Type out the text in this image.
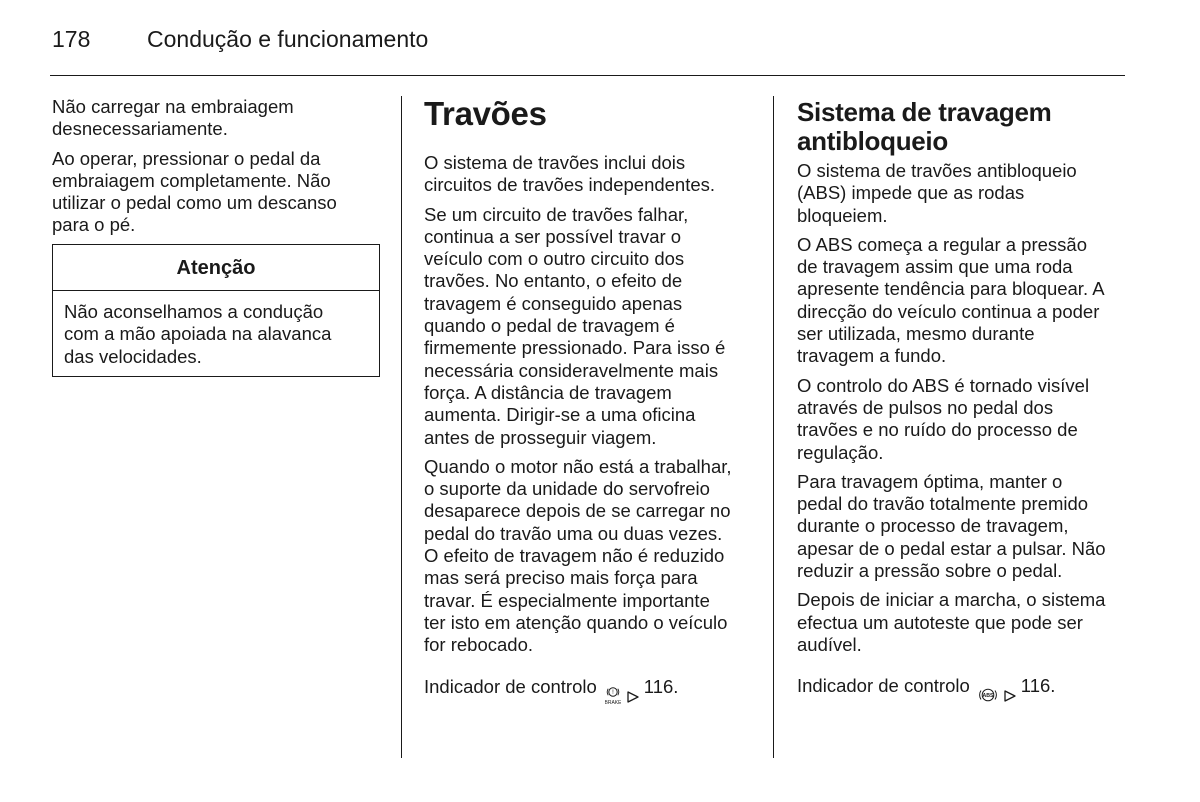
178	Condução e funcionamento

Não carregar na embraiagem
desnecessariamente.

Ao operar, pressionar o pedal da
embraiagem completamente. Não
utilizar o pedal como um descanso
para o pé.

Atenção
Não aconselhamos a condução
com a mão apoiada na alavanca
das velocidades.
Travões

O sistema de travões inclui dois
circuitos de travões independentes.

Se um circuito de travões falhar,
continua a ser possível travar o
veículo com o outro circuito dos
travões. No entanto, o efeito de
travagem é conseguido apenas
quando o pedal de travagem é
firmemente pressionado. Para isso é
necessária consideravelmente mais
força. A distância de travagem
aumenta. Dirigir-se a uma oficina
antes de prosseguir viagem.

Quando o motor não está a trabalhar,
o suporte da unidade do servofreio
desaparece depois de se carregar no
pedal do travão uma ou duas vezes.
O efeito de travagem não é reduzido
mas será preciso mais força para
travar. É especialmente importante
ter isto em atenção quando o veículo
for rebocado.

Indicador de controlo	!
BRAKE

116.

Sistema de travagem
antibloqueio

O sistema de travões antibloqueio
(ABS) impede que as rodas
bloqueiem.

O ABS começa a regular a pressão
de travagem assim que uma roda
apresente tendência para bloquear. A
direcção do veículo continua a poder
ser utilizada, mesmo durante
travagem a fundo.

O controlo do ABS é tornado visível
através de pulsos no pedal dos
travões e no ruído do processo de
regulação.

Para travagem óptima, manter o
pedal do travão totalmente premido
durante o processo de travagem,
apesar de o pedal estar a pulsar. Não
reduzir a pressão sobre o pedal.

Depois de iniciar a marcha, o sistema
efectua um autoteste que pode ser
audível.

Indicador de controlo ABS 116.
